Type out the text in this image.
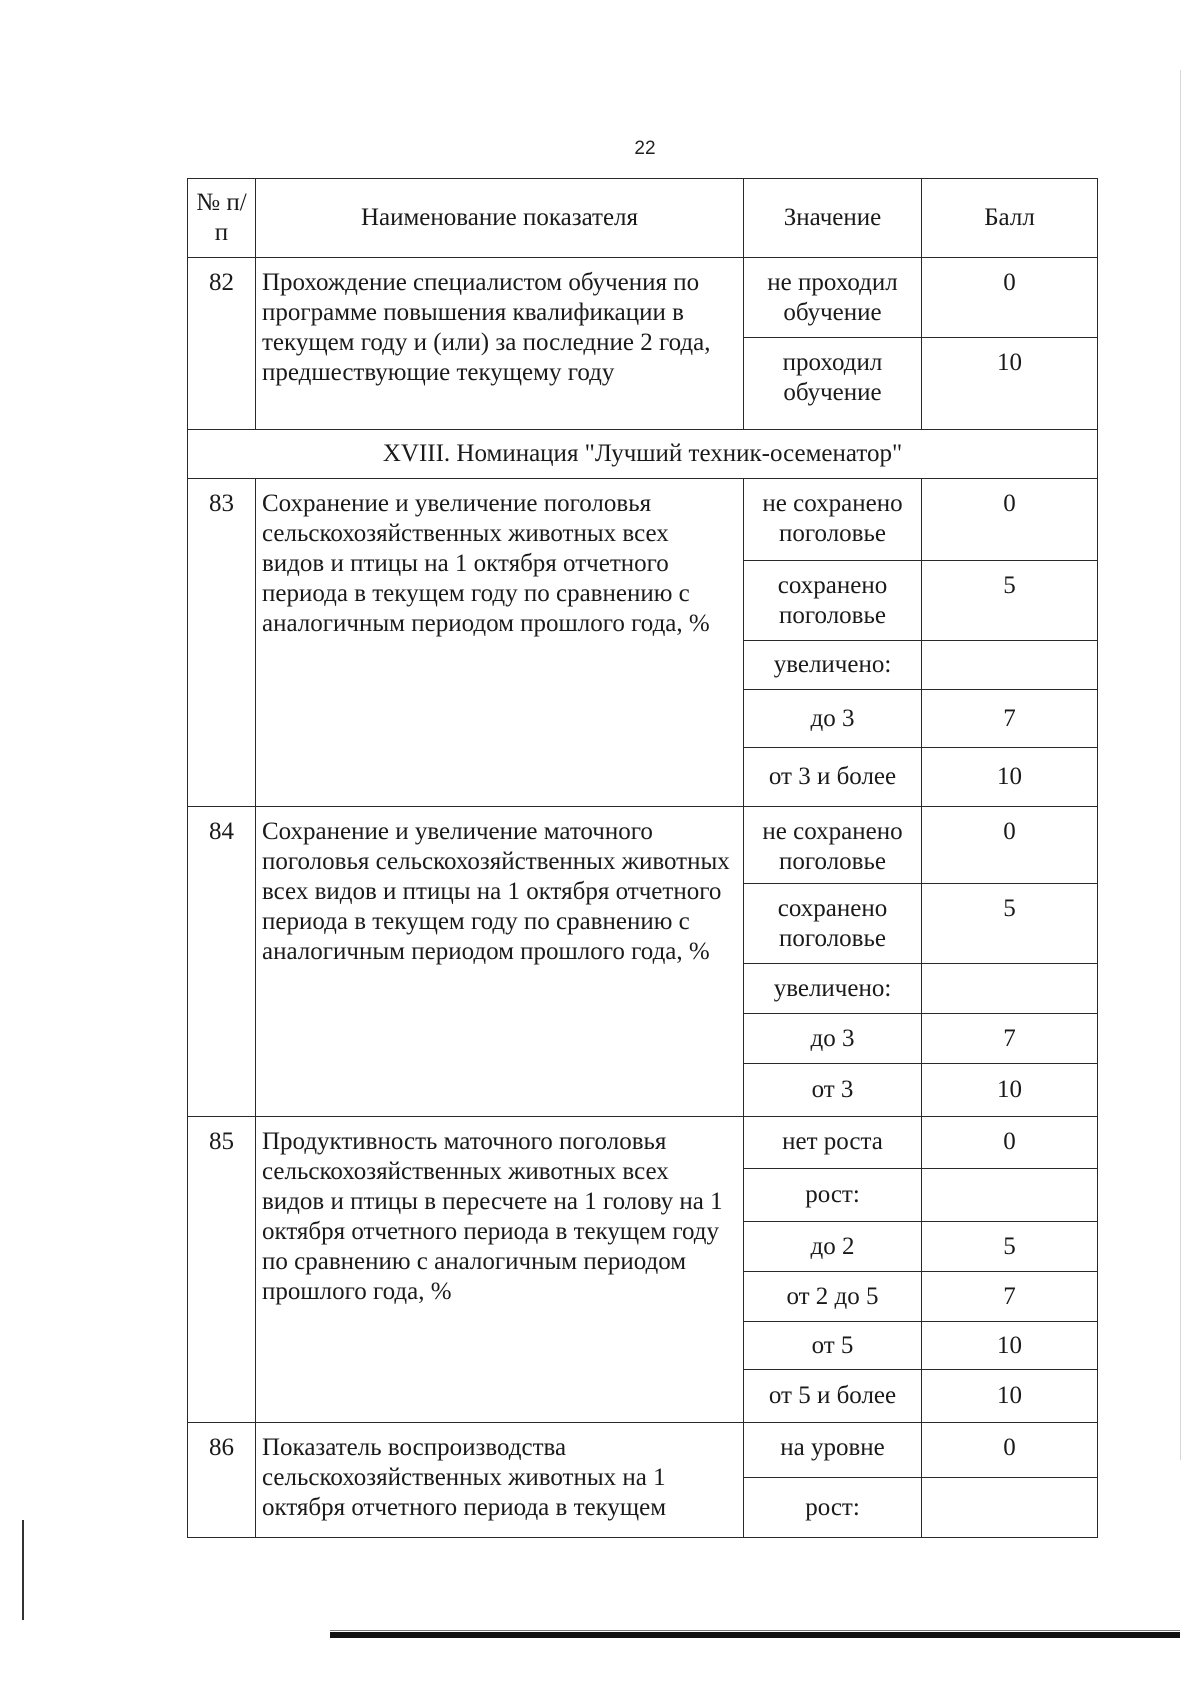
22
№ п/п	Наименование показателя	Значение	Балл
82	Прохождение специалистом обучения по программе повышения квалификации в текущем году и (или) за последние 2 года, предшествующие текущему году	не проходил обучение	0
		проходил обучение	10
XVIII. Номинация "Лучший техник-осеменатор"			
83	Сохранение и увеличение поголовья сельскохозяйственных животных всех видов и птицы на 1 октября отчетного периода в текущем году по сравнению с аналогичным периодом прошлого года, %	не сохранено поголовье	0
		сохранено поголовье	5
		увеличено:	
		до 3	7
		от 3 и более	10
84	Сохранение и увеличение маточного поголовья сельскохозяйственных животных всех видов и птицы на 1 октября отчетного периода в текущем году по сравнению с аналогичным периодом прошлого года, %	не сохранено поголовье	0
		сохранено поголовье	5
		увеличено:	
		до 3	7
		от 3	10
85	Продуктивность маточного поголовья сельскохозяйственных животных всех видов и птицы в пересчете на 1 голову на 1 октября отчетного периода в текущем году по сравнению с аналогичным периодом прошлого года, %	нет роста	0
		рост:	
		до 2	5
		от 2 до 5	7
		от 5	10
		от 5 и более	10
86	Показатель воспроизводства сельскохозяйственных животных на 1 октября отчетного периода в текущем	на уровне	0
		рост:	
